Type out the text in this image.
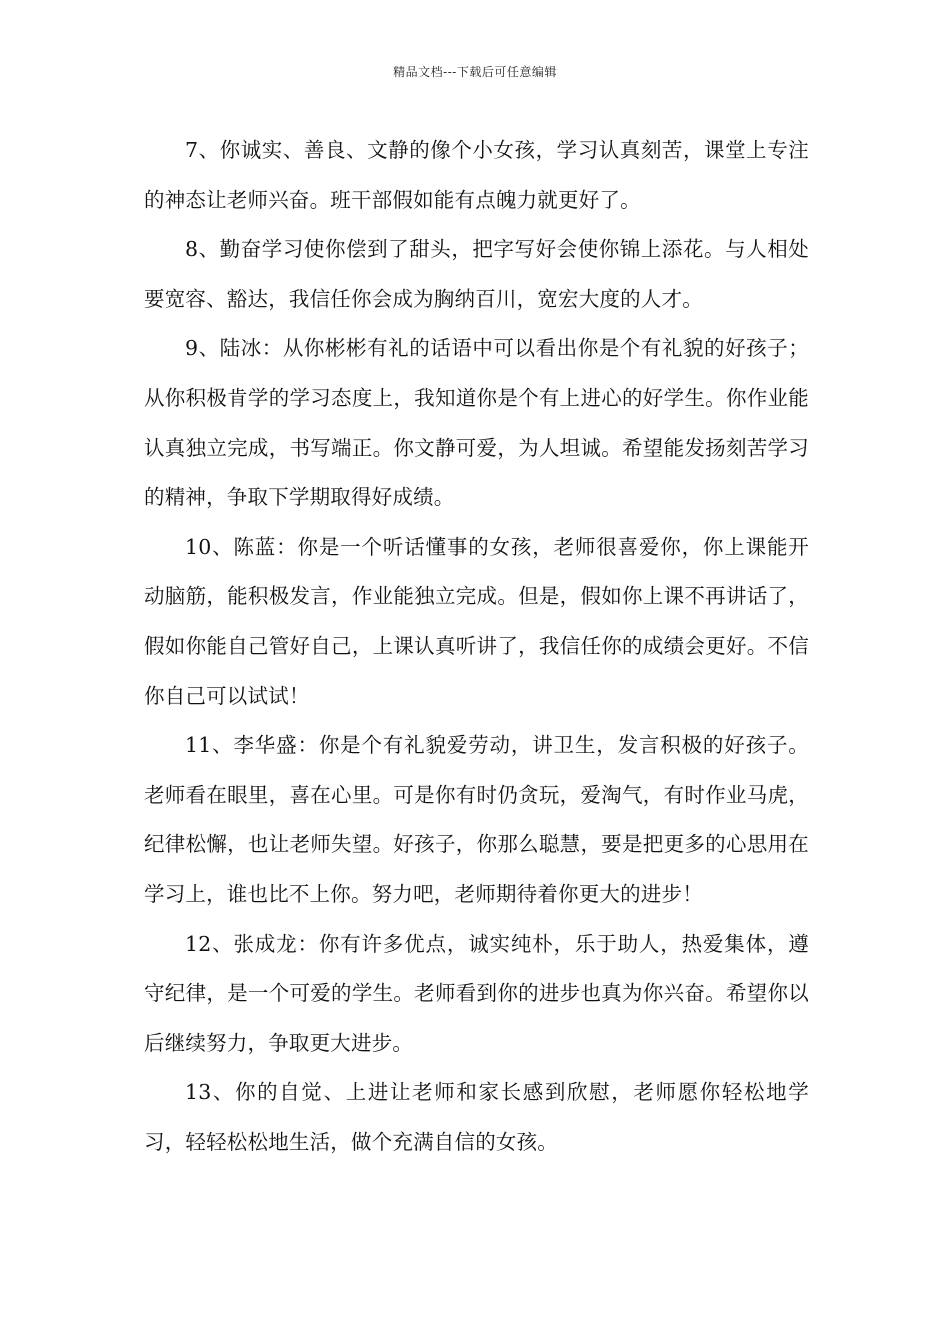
精品文档---下载后可任意编辑

7、你诚实、善良、文静的像个小女孩，学习认真刻苦，课堂上专注的神态让老师兴奋。班干部假如能有点魄力就更好了。

8、勤奋学习使你偿到了甜头，把字写好会使你锦上添花。与人相处要宽容、豁达，我信任你会成为胸纳百川，宽宏大度的人才。

9、陆冰：从你彬彬有礼的话语中可以看出你是个有礼貌的好孩子；从你积极肯学的学习态度上，我知道你是个有上进心的好学生。你作业能认真独立完成，书写端正。你文静可爱，为人坦诚。希望能发扬刻苦学习的精神，争取下学期取得好成绩。

10、陈蓝：你是一个听话懂事的女孩，老师很喜爱你，你上课能开动脑筋，能积极发言，作业能独立完成。但是，假如你上课不再讲话了，假如你能自己管好自己，上课认真听讲了，我信任你的成绩会更好。不信你自己可以试试！

11、李华盛：你是个有礼貌爱劳动，讲卫生，发言积极的好孩子。老师看在眼里，喜在心里。可是你有时仍贪玩，爱淘气，有时作业马虎，纪律松懈，也让老师失望。好孩子，你那么聪慧，要是把更多的心思用在学习上，谁也比不上你。努力吧，老师期待着你更大的进步！

12、张成龙：你有许多优点，诚实纯朴，乐于助人，热爱集体，遵守纪律，是一个可爱的学生。老师看到你的进步也真为你兴奋。希望你以后继续努力，争取更大进步。

13、你的自觉、上进让老师和家长感到欣慰，老师愿你轻松地学习，轻轻松松地生活，做个充满自信的女孩。
